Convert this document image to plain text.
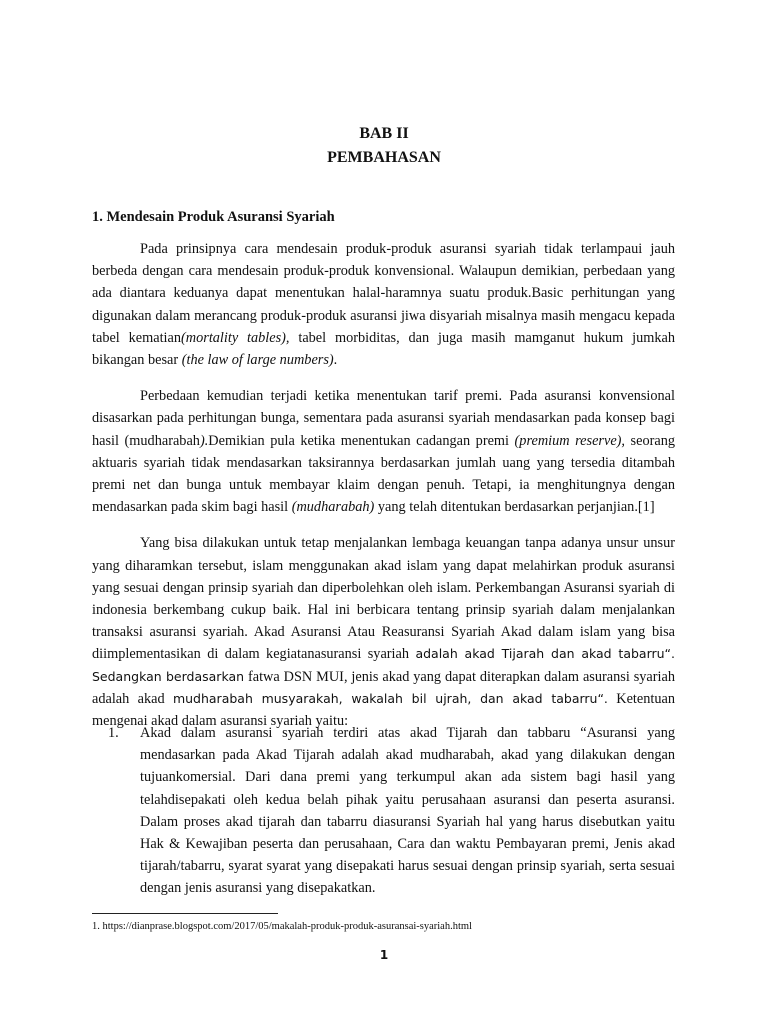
BAB II
PEMBAHASAN
1. Mendesain Produk Asuransi Syariah

Pada prinsipnya cara mendesain produk-produk asuransi syariah tidak terlampaui jauh berbeda dengan cara mendesain produk-produk konvensional. Walaupun demikian, perbedaan yang ada diantara keduanya dapat menentukan halal-haramnya suatu produk.Basic perhitungan yang digunakan dalam merancang produk-produk asuransi jiwa disyariah misalnya masih mengacu kepada tabel kematian(mortality tables), tabel morbiditas, dan juga masih mamganut hukum jumkah bikangan besar (the law of large numbers).

Perbedaan kemudian terjadi ketika menentukan tarif premi. Pada asuransi konvensional disasarkan pada perhitungan bunga, sementara pada asuransi syariah mendasarkan pada konsep bagi hasil (mudharabah).Demikian pula ketika menentukan cadangan premi (premium reserve), seorang aktuaris syariah tidak mendasarkan taksirannya berdasarkan jumlah uang yang tersedia ditambah premi net dan bunga untuk membayar klaim dengan penuh. Tetapi, ia menghitungnya dengan mendasarkan pada skim bagi hasil (mudharabah) yang telah ditentukan berdasarkan perjanjian.[1]

Yang bisa dilakukan untuk tetap menjalankan lembaga keuangan tanpa adanya unsur unsur yang diharamkan tersebut, islam menggunakan akad islam yang dapat melahirkan produk asuransi yang sesuai dengan prinsip syariah dan diperbolehkan oleh islam. Perkembangan Asuransi syariah di indonesia berkembang cukup baik. Hal ini berbicara tentang prinsip syariah dalam menjalankan transaksi asuransi syariah. Akad Asuransi Atau Reasuransi Syariah Akad dalam islam yang bisa diimplementasikan di dalam kegiatanasuransi syariah adalah akad Tijarah dan akad tabarru“. Sedangkan berdasarkan fatwa DSN MUI, jenis akad yang dapat diterapkan dalam asuransi syariah adalah akad mudharabah musyarakah, wakalah bil ujrah, dan akad tabarru“. Ketentuan mengenai akad dalam asuransi syariah yaitu:

1. Akad dalam asuransi syariah terdiri atas akad Tijarah dan tabbaru “Asuransi yang mendasarkan pada Akad Tijarah adalah akad mudharabah, akad yang dilakukan dengan tujuankomersial. Dari dana premi yang terkumpul akan ada sistem bagi hasil yang telahdisepakati oleh kedua belah pihak yaitu perusahaan asuransi dan peserta asuransi. Dalam proses akad tijarah dan tabarru diasuransi Syariah hal yang harus disebutkan yaitu Hak & Kewajiban peserta dan perusahaan, Cara dan waktu Pembayaran premi, Jenis akad tijarah/tabarru, syarat syarat yang disepakati harus sesuai dengan prinsip syariah, serta sesuai dengan jenis asuransi yang disepakatkan.
1. https://dianprase.blogspot.com/2017/05/makalah-produk-produk-asuransai-syariah.html
1
